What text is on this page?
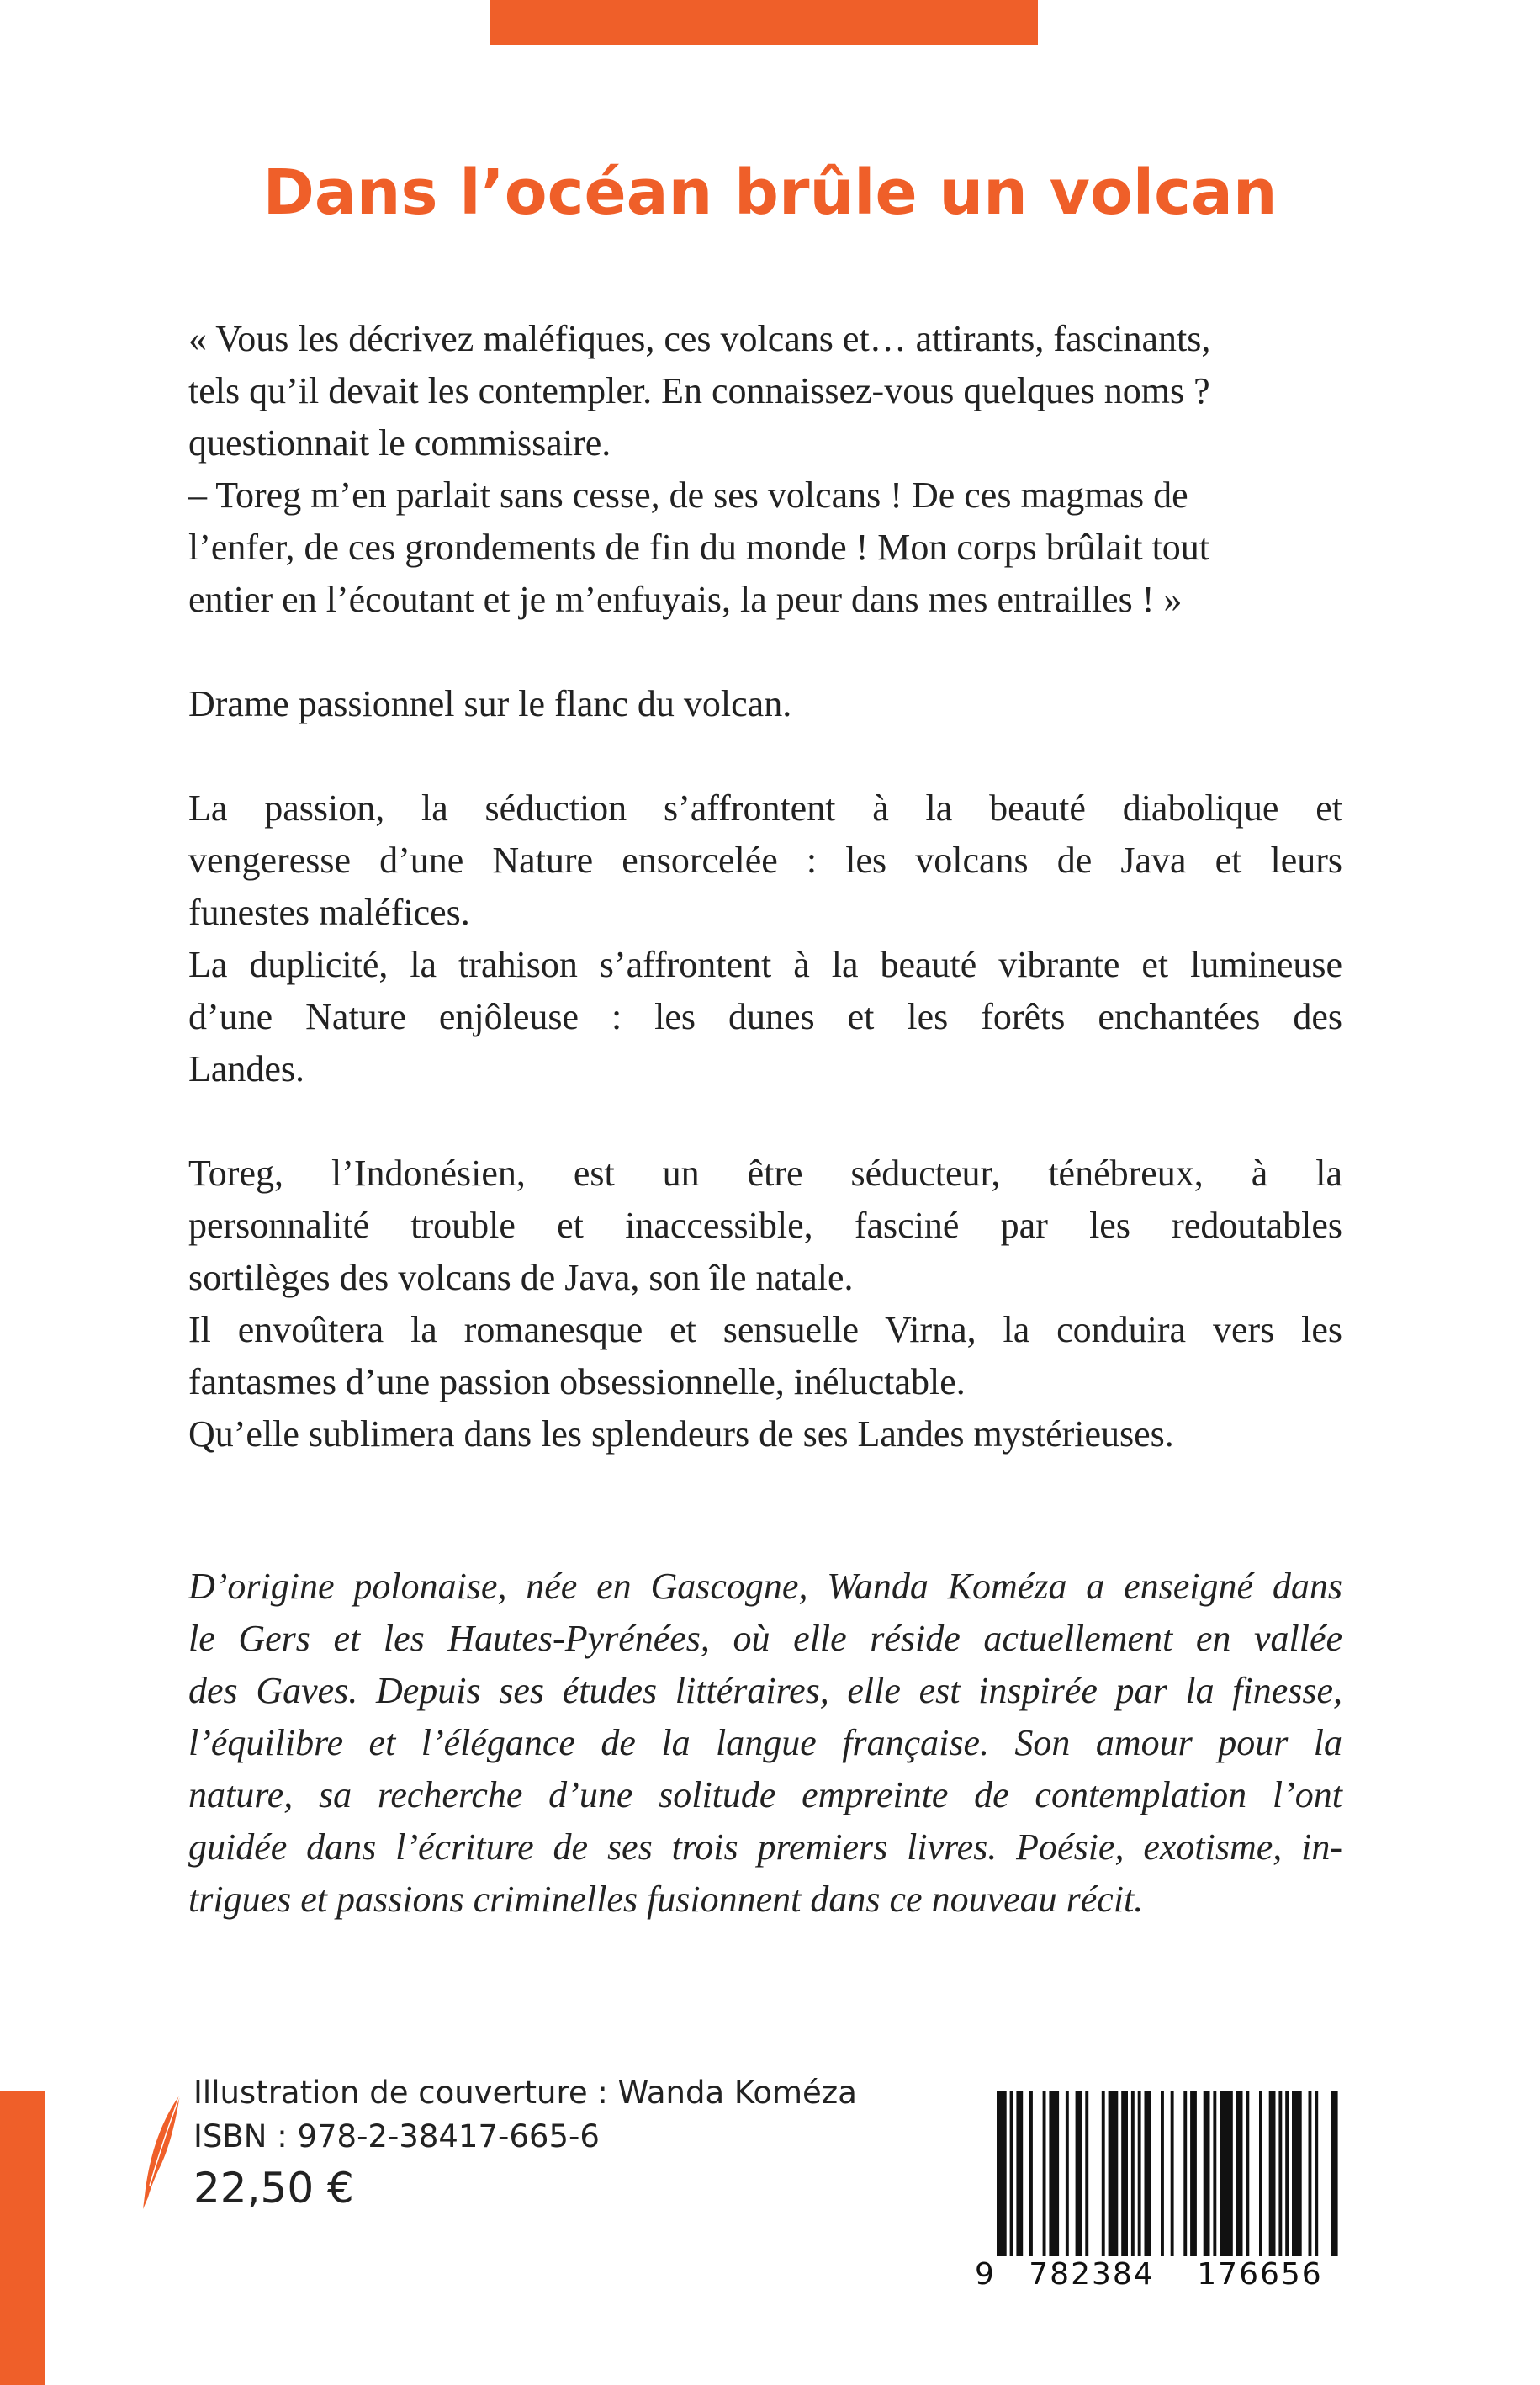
Dans l’océan brûle un volcan

« Vous les décrivez maléfiques, ces volcans et… attirants, fascinants,

tels qu’il devait les contempler. En connaissez-vous quelques noms ?

questionnait le commissaire.

– Toreg m’en parlait sans cesse, de ses volcans ! De ces magmas de

l’enfer, de ces grondements de fin du monde ! Mon corps brûlait tout

entier en l’écoutant et je m’enfuyais, la peur dans mes entrailles ! »

Drame passionnel sur le flanc du volcan.

La passion, la séduction s’affrontent à la beauté diabolique et

vengeresse d’une Nature ensorcelée : les volcans de Java et leurs

funestes maléfices.

La duplicité, la trahison s’affrontent à la beauté vibrante et lumineuse

d’une Nature enjôleuse : les dunes et les forêts enchantées des

Landes.

Toreg, l’Indonésien, est un être séducteur, ténébreux, à la

personnalité trouble et inaccessible, fasciné par les redoutables

sortilèges des volcans de Java, son île natale.

Il envoûtera la romanesque et sensuelle Virna, la conduira vers les

fantasmes d’une passion obsessionnelle, inéluctable.

Qu’elle sublimera dans les splendeurs de ses Landes mystérieuses.

D’origine polonaise, née en Gascogne, Wanda Koméza a enseigné dans

le Gers et les Hautes-Pyrénées, où elle réside actuellement en vallée

des Gaves. Depuis ses études littéraires, elle est inspirée par la finesse,

l’équilibre et l’élégance de la langue française. Son amour pour la

nature, sa recherche d’une solitude empreinte de contemplation l’ont

guidée dans l’écriture de ses trois premiers livres. Poésie, exotisme, in-

trigues et passions criminelles fusionnent dans ce nouveau récit.

Illustration de couverture : Wanda Koméza
ISBN : 978-2-38417-665-6
22,50 €
9 782384 176656
